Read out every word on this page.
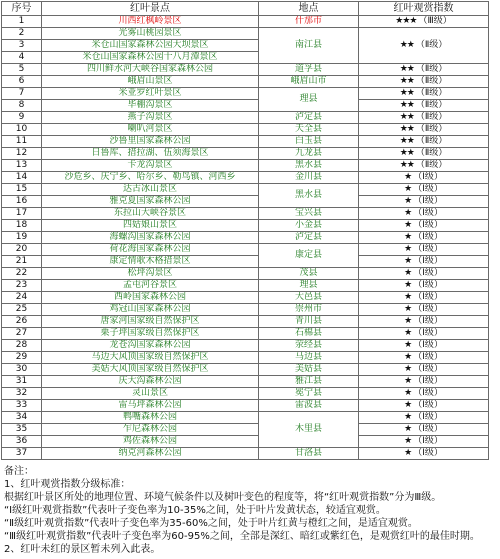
序号	红叶景点	地点	红叶观赏指数
1	川西红枫岭景区	什邡市	★★★ （Ⅲ级）
2	光雾山桃园景区	南江县	★★ （Ⅱ级）
3	米仓山国家森林公园大坝景区		
4	米仓山国家森林公园十八月潭景区		
5	四川鲜水河大峡谷国家森林公园	道孚县	★★ （Ⅱ级）
6	峨眉山景区	峨眉山市	★★ （Ⅱ级）
7	米亚罗红叶景区	理县	★★ （Ⅱ级）
8	毕棚沟景区		★★ （Ⅱ级）
9	燕子沟景区	泸定县	★★ （Ⅱ级）
10	喇叭河景区	天全县	★★ （Ⅱ级）
11	沙鲁里国家森林公园	白玉县	★★ （Ⅱ级）
12	日鲁库、措拉湖、伍须海景区	九龙县	★★ （Ⅱ级）
13	卡龙沟景区	黑水县	★★ （Ⅱ级）
14	沙危乡、庆宁乡、哈尔乡、勒鸟镇、河西乡	金川县	★ （Ⅰ级）
15	达古冰山景区	黑水县	★ （Ⅰ级）
16	雅克夏国家森林公园		★ （Ⅰ级）
17	东拉山大峡谷景区	宝兴县	★ （Ⅰ级）
18	四姑娘山景区	小金县	★ （Ⅰ级）
19	海螺沟国家森林公园	泸定县	★ （Ⅰ级）
20	荷花海国家森林公园	康定县	★ （Ⅰ级）
21	康定情歌木格措景区		★ （Ⅰ级）
22	松坪沟景区	茂县	★ （Ⅰ级）
23	孟屯河谷景区	理县	★ （Ⅰ级）
24	西岭国家森林公园	大邑县	★ （Ⅰ级）
25	鸡冠山国家森林公园	崇州市	★ （Ⅰ级）
26	唐家河国家级自然保护区	青川县	★ （Ⅰ级）
27	栗子坪国家级自然保护区	石棉县	★ （Ⅰ级）
28	龙苍沟国家森林公园	荥经县	★ （Ⅰ级）
29	马边大风顶国家级自然保护区	马边县	★ （Ⅰ级）
30	美姑大风顶国家级自然保护区	美姑县	★ （Ⅰ级）
31	庆大沟森林公园	雅江县	★ （Ⅰ级）
32	灵山景区	冕宁县	★ （Ⅰ级）
33	雷马坪森林公园	雷波县	★ （Ⅰ级）
34	鹎嘴森林公园	木里县	★ （Ⅰ级）
35	乍尼森林公园		★ （Ⅰ级）
36	鸡佐森林公园		★ （Ⅰ级）
37	纳克河森林公园	甘洛县	★ （Ⅰ级）
备注：
1、红叶观赏指数分级标准：
根据红叶景区所处的地理位置、环境气候条件以及树叶变色的程度等，将“红叶观赏指数”分为Ⅲ级。
“Ⅰ级红叶观赏指数”代表叶子变色率为10-35%之间，处于叶片发黄状态，较适宜观赏。
“Ⅱ级红叶观赏指数”代表叶子变色率为35-60%之间，处于叶片红黄与橙红之间，是适宜观赏。
“Ⅲ级红叶观赏指数”代表叶子变色率为60-95%之间，全部是深红、暗红或紫红色，是观赏红叶的最佳时期。
2、红叶未红的景区暂未列入此表。
